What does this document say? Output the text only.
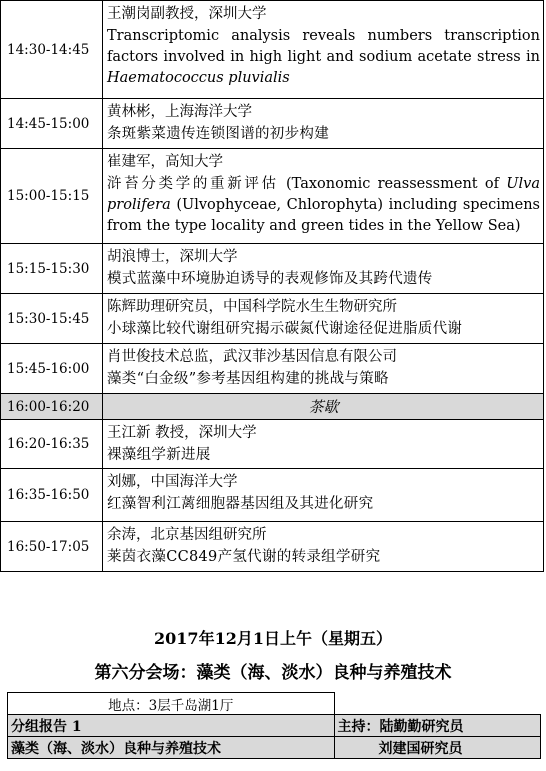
14:30-14:45	王潮岗副教授，深圳大学
Transcriptomic analysis reveals numbers transcription factors involved in high light and sodium acetate stress in Haematococcus pluvialis

14:45-15:00	黄林彬，上海海洋大学
条斑紫菜遗传连锁图谱的初步构建

15:00-15:15	崔建军，高知大学
浒苔分类学的重新评估 (Taxonomic reassessment of Ulva prolifera (Ulvophyceae, Chlorophyta) including specimens from the type locality and green tides in the Yellow Sea)

15:15-15:30	胡浪博士，深圳大学
模式蓝藻中环境胁迫诱导的表观修饰及其跨代遗传

15:30-15:45	陈辉助理研究员，中国科学院水生生物研究所
小球藻比较代谢组研究揭示碳氮代谢途径促进脂质代谢

15:45-16:00	肖世俊技术总监，武汉菲沙基因信息有限公司
藻类“白金级”参考基因组构建的挑战与策略

16:00-16:20	茶歇

16:20-16:35	王江新 教授，深圳大学
裸藻组学新进展

16:35-16:50	刘娜，中国海洋大学
红藻智利江蓠细胞器基因组及其进化研究

16:50-17:05	余涛，北京基因组研究所
莱茵衣藻CC849产氢代谢的转录组学研究
2017年12月1日上午（星期五）
第六分会场：藻类（海、淡水）良种与养殖技术
地点：3层千岛湖1厅	
分组报告 1	主持：陆勤勤研究员
藻类（海、淡水）良种与养殖技术	刘建国研究员
